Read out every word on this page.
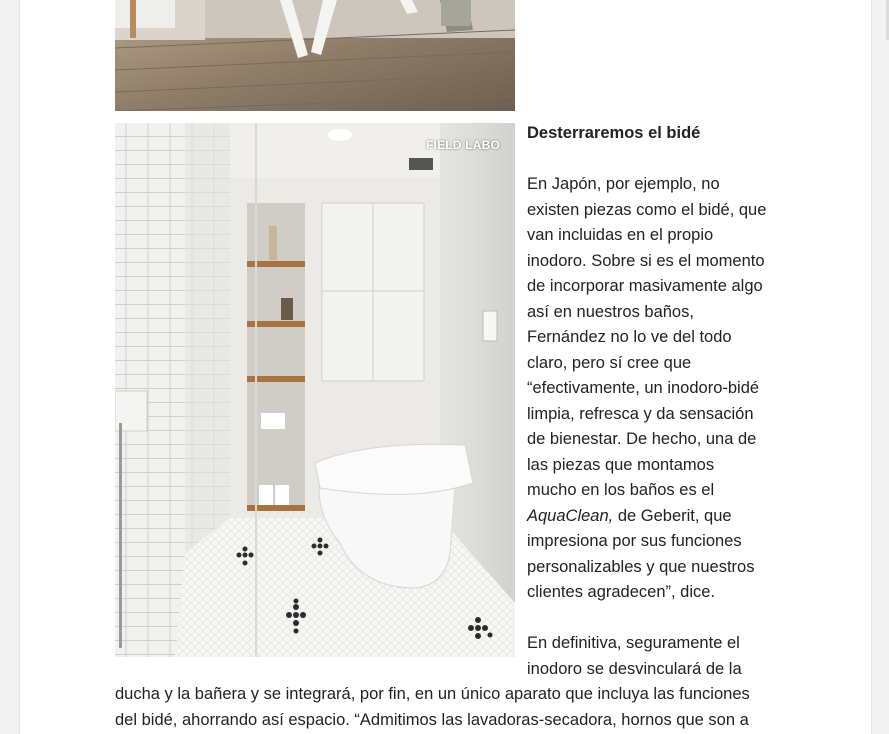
FIELD LABO
Desterraremos el bidé
En Japón, por ejemplo, no
existen piezas como el bidé, que
van incluidas en el propio
inodoro. Sobre si es el momento
de incorporar masivamente algo
así en nuestros baños,
Fernández no lo ve del todo
claro, pero sí cree que
“efectivamente, un inodoro-bidé
limpia, refresca y da sensación
de bienestar. De hecho, una de
las piezas que montamos
mucho en los baños es el
AquaClean, de Geberit, que
impresiona por sus funciones
personalizables y que nuestros
clientes agradecen”, dice.
En definitiva, seguramente el
inodoro se desvinculará de la
ducha y la bañera y se integrará, por fin, en un único aparato que incluya las funciones
del bidé, ahorrando así espacio. “Admitimos las lavadoras-secadora, hornos que son a
